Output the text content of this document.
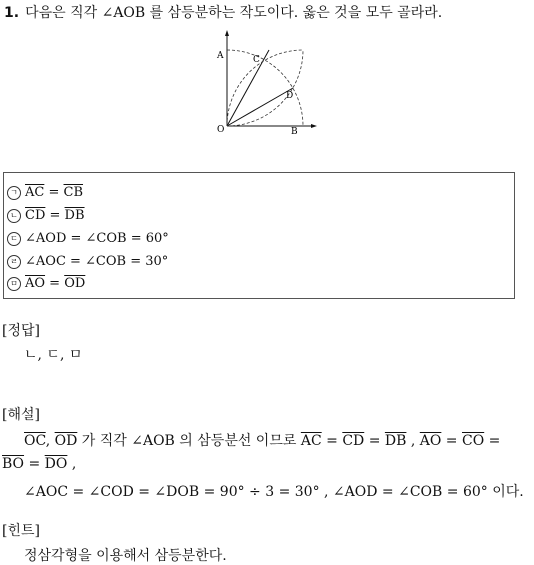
1. 다음은 직각 ∠AOB 를 삼등분하는 작도이다. 옳은 것을 모두 골라라.
A	C
D
O	B
ㄱ $\overline{AC} = \overline{CB}$
ㄴ $\overline{CD} = \overline{DB}$
ㄷ ∠AOD = ∠COB = 60°
ㄹ ∠AOC = ∠COB = 30°
ㅁ $\overline{AO} = \overline{OD}$
[정답]
ㄴ, ㄷ, ㅁ
[해설]
$\overline{OC}$, $\overline{OD}$ 가 직각 ∠AOB 의 삼등분선 이므로 $\overline{AC} = \overline{CD} = \overline{DB}$ , $\overline{AO} = \overline{CO}$ =
$\overline{BO} = \overline{DO}$ ,
∠AOC = ∠COD = ∠DOB = 90° ÷ 3 = 30° , ∠AOD = ∠COB = 60° 이다.
[힌트]
정삼각형을 이용해서 삼등분한다.
